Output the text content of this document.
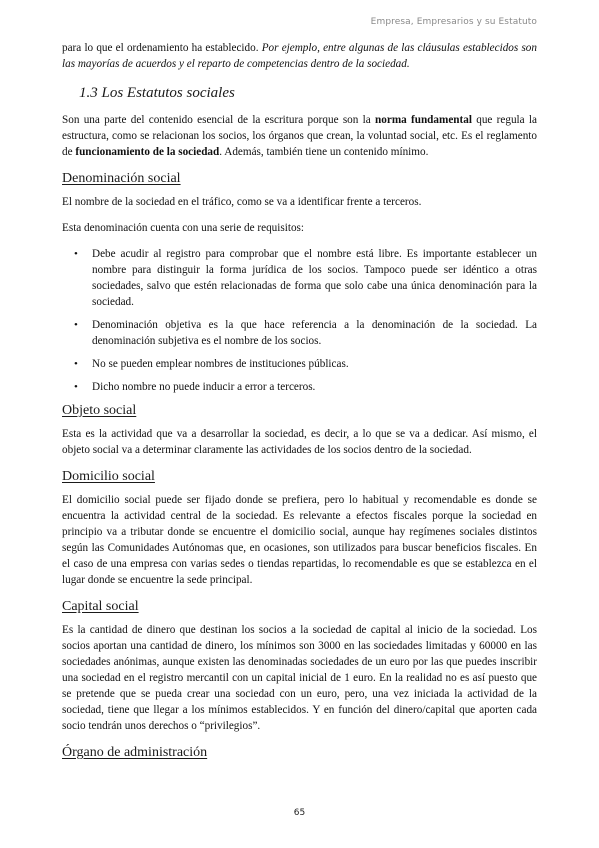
Empresa, Empresarios y su Estatuto

para lo que el ordenamiento ha establecido. Por ejemplo, entre algunas de las cláusulas establecidos son las mayorías de acuerdos y el reparto de competencias dentro de la sociedad.

1.3 Los Estatutos sociales

Son una parte del contenido esencial de la escritura porque son la norma fundamental que regula la estructura, como se relacionan los socios, los órganos que crean, la voluntad social, etc. Es el reglamento de funcionamiento de la sociedad. Además, también tiene un contenido mínimo.

Denominación social

El nombre de la sociedad en el tráfico, como se va a identificar frente a terceros.

Esta denominación cuenta con una serie de requisitos:

• Debe acudir al registro para comprobar que el nombre está libre. Es importante establecer un nombre para distinguir la forma jurídica de los socios. Tampoco puede ser idéntico a otras sociedades, salvo que estén relacionadas de forma que solo cabe una única denominación para la sociedad.
• Denominación objetiva es la que hace referencia a la denominación de la sociedad. La denominación subjetiva es el nombre de los socios.
• No se pueden emplear nombres de instituciones públicas.
• Dicho nombre no puede inducir a error a terceros.
Objeto social

Esta es la actividad que va a desarrollar la sociedad, es decir, a lo que se va a dedicar. Así mismo, el objeto social va a determinar claramente las actividades de los socios dentro de la sociedad.

Domicilio social

El domicilio social puede ser fijado donde se prefiera, pero lo habitual y recomendable es donde se encuentra la actividad central de la sociedad. Es relevante a efectos fiscales porque la sociedad en principio va a tributar donde se encuentre el domicilio social, aunque hay regímenes sociales distintos según las Comunidades Autónomas que, en ocasiones, son utilizados para buscar beneficios fiscales. En el caso de una empresa con varias sedes o tiendas repartidas, lo recomendable es que se establezca en el lugar donde se encuentre la sede principal.

Capital social

Es la cantidad de dinero que destinan los socios a la sociedad de capital al inicio de la sociedad. Los socios aportan una cantidad de dinero, los mínimos son 3000 en las sociedades limitadas y 60000 en las sociedades anónimas, aunque existen las denominadas sociedades de un euro por las que puedes inscribir una sociedad en el registro mercantil con un capital inicial de 1 euro. En la realidad no es así puesto que se pretende que se pueda crear una sociedad con un euro, pero, una vez iniciada la actividad de la sociedad, tiene que llegar a los mínimos establecidos. Y en función del dinero/capital que aporten cada socio tendrán unos derechos o “privilegios”.

Órgano de administración
65
